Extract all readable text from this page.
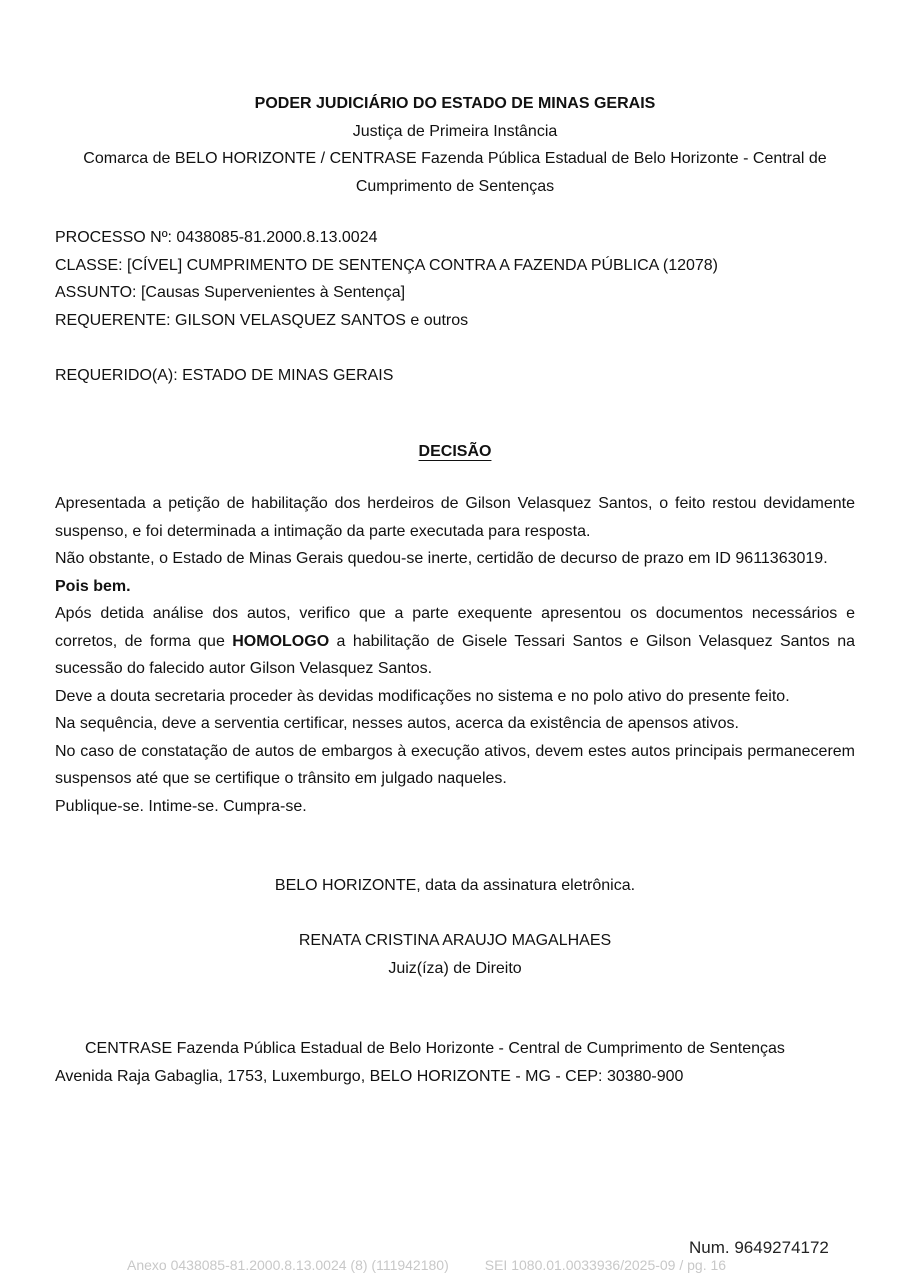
PODER JUDICIÁRIO DO ESTADO DE MINAS GERAIS
Justiça de Primeira Instância
Comarca de BELO HORIZONTE / CENTRASE Fazenda Pública Estadual de Belo Horizonte - Central de Cumprimento de Sentenças
PROCESSO Nº: 0438085-81.2000.8.13.0024
CLASSE: [CÍVEL] CUMPRIMENTO DE SENTENÇA CONTRA A FAZENDA PÚBLICA (12078)
ASSUNTO: [Causas Supervenientes à Sentença]
REQUERENTE: GILSON VELASQUEZ SANTOS e outros
REQUERIDO(A): ESTADO DE MINAS GERAIS
DECISÃO

Apresentada a petição de habilitação dos herdeiros de Gilson Velasquez Santos, o feito restou devidamente suspenso, e foi determinada a intimação da parte executada para resposta.

Não obstante, o Estado de Minas Gerais quedou-se inerte, certidão de decurso de prazo em ID 9611363019.

Pois bem.

Após detida análise dos autos, verifico que a parte exequente apresentou os documentos necessários e corretos, de forma que HOMOLOGO a habilitação de Gisele Tessari Santos e Gilson Velasquez Santos na sucessão do falecido autor Gilson Velasquez Santos.

Deve a douta secretaria proceder às devidas modificações no sistema e no polo ativo do presente feito.

Na sequência, deve a serventia certificar, nesses autos, acerca da existência de apensos ativos.

No caso de constatação de autos de embargos à execução ativos, devem estes autos principais permanecerem suspensos até que se certifique o trânsito em julgado naqueles.

Publique-se. Intime-se. Cumpra-se.

BELO HORIZONTE, data da assinatura eletrônica.
RENATA CRISTINA ARAUJO MAGALHAES
Juiz(íza) de Direito
CENTRASE Fazenda Pública Estadual de Belo Horizonte - Central de Cumprimento de Sentenças
Avenida Raja Gabaglia, 1753, Luxemburgo, BELO HORIZONTE - MG - CEP: 30380-900
Num. 9649274172
Anexo 0438085-81.2000.8.13.0024 (8) (111942180)	SEI 1080.01.0033936/2025-09 / pg. 16
